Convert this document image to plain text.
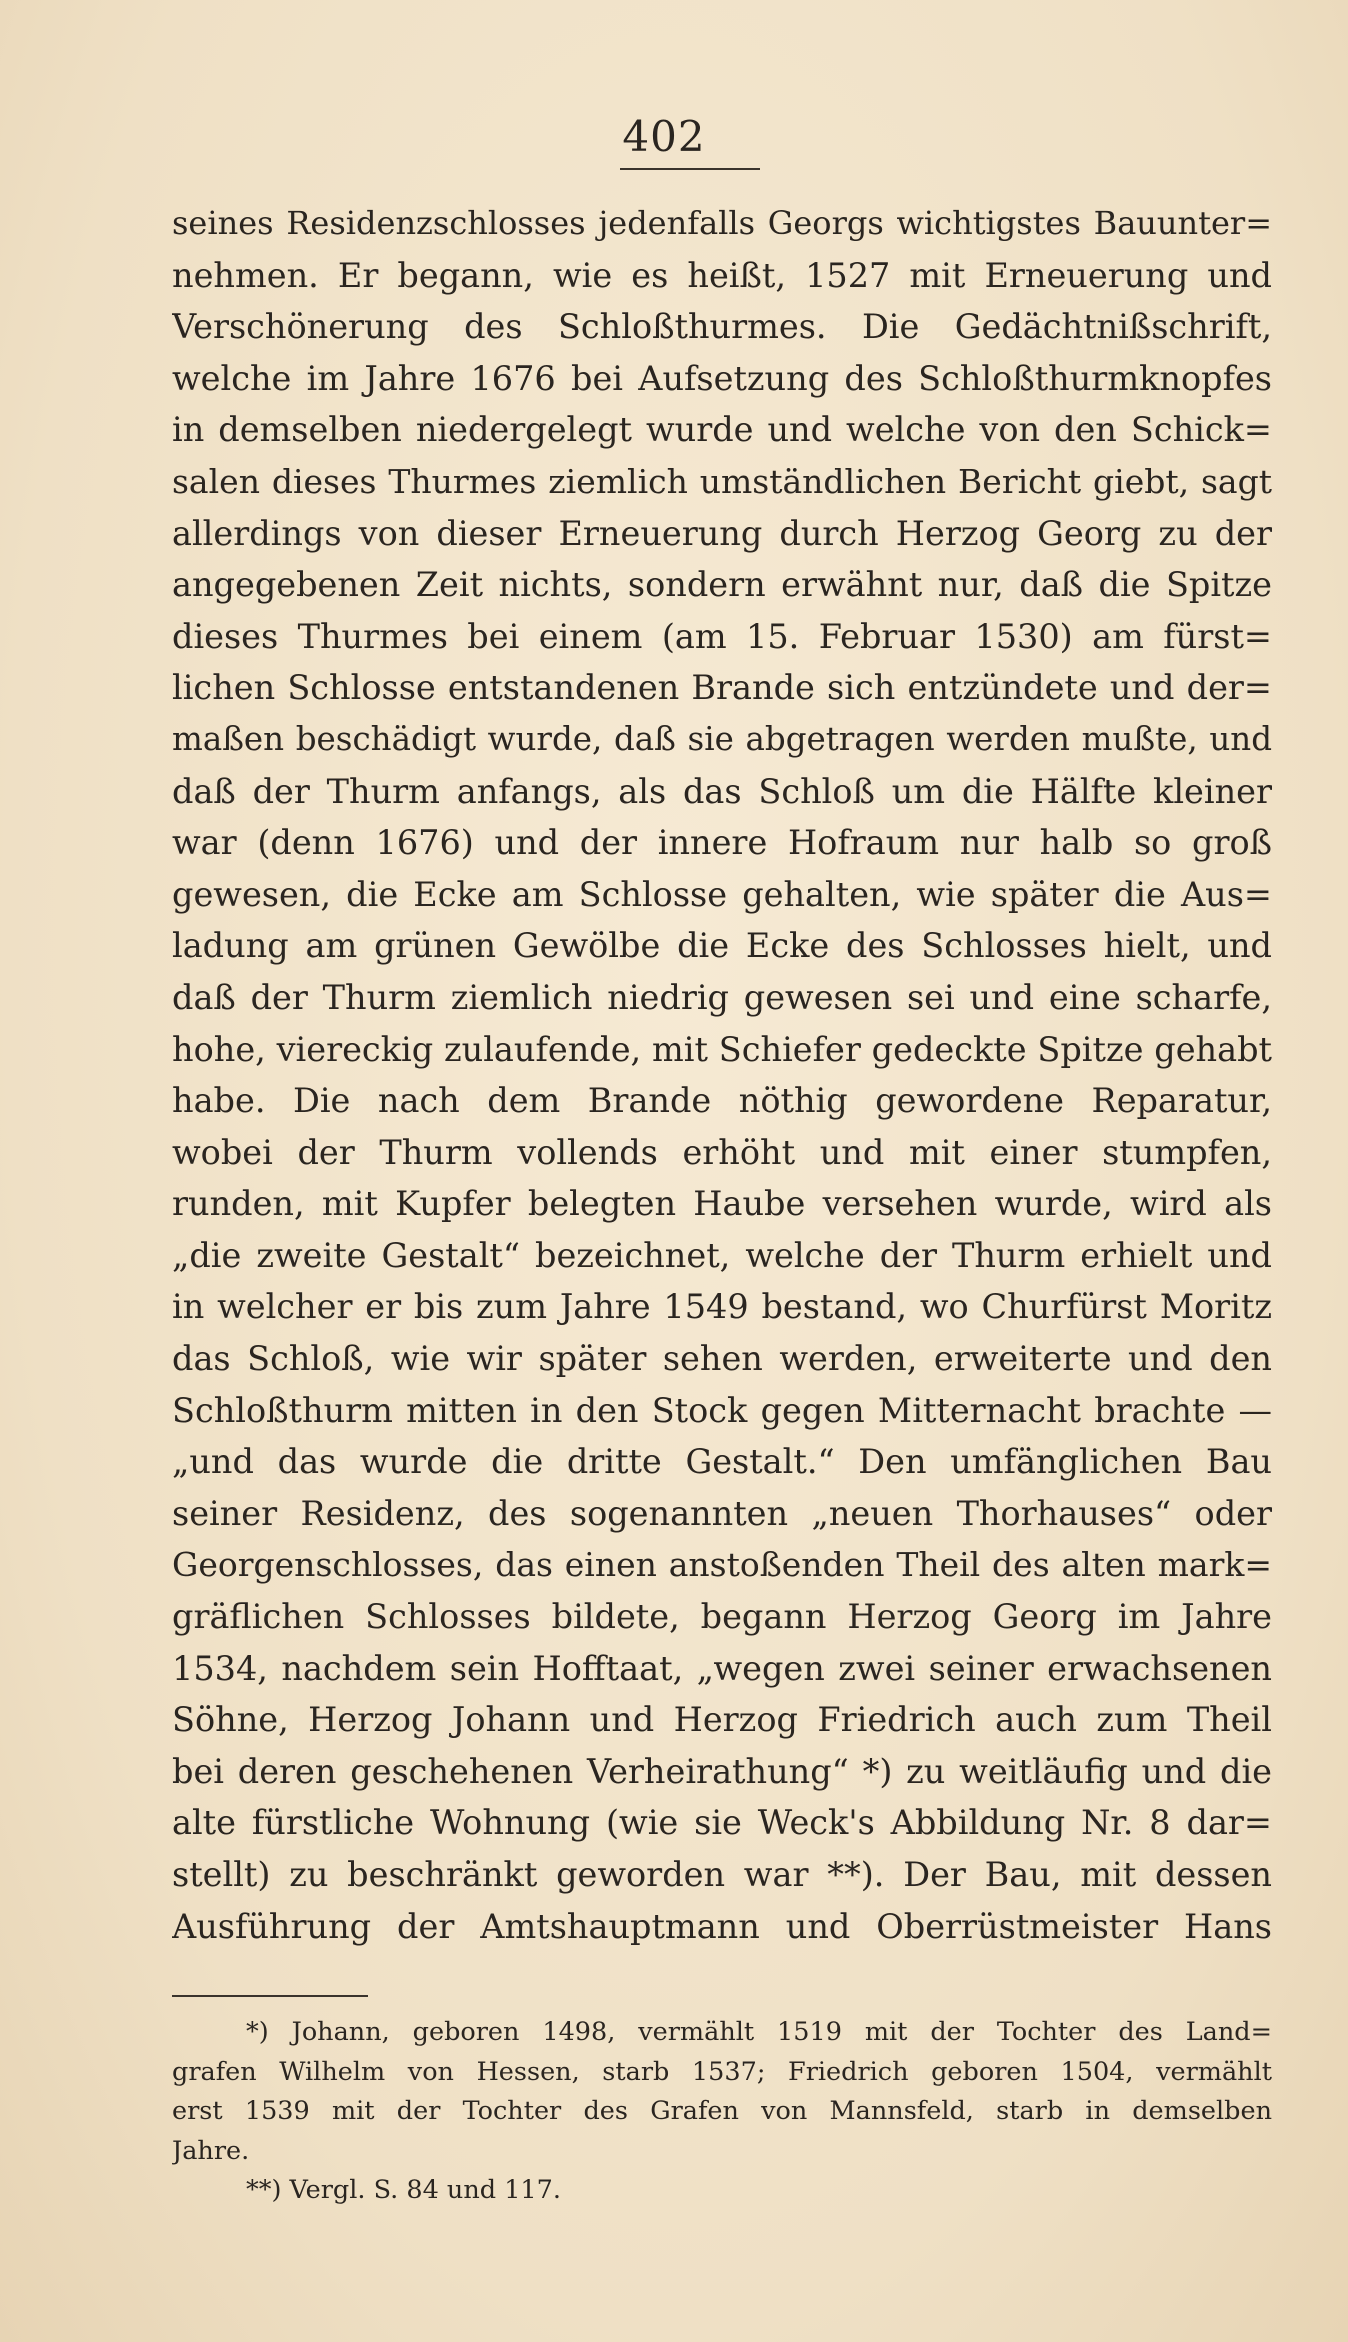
402
seines Residenzschlosses jedenfalls Georgs wichtigstes Bauunter=
nehmen. Er begann, wie es heißt, 1527 mit Erneuerung und
Verschönerung des Schloßthurmes. Die Gedächtnißschrift,
welche im Jahre 1676 bei Aufsetzung des Schloßthurmknopfes
in demselben niedergelegt wurde und welche von den Schick=
salen dieses Thurmes ziemlich umständlichen Bericht giebt, sagt
allerdings von dieser Erneuerung durch Herzog Georg zu der
angegebenen Zeit nichts, sondern erwähnt nur, daß die Spitze
dieses Thurmes bei einem (am 15. Februar 1530) am fürst=
lichen Schlosse entstandenen Brande sich entzündete und der=
maßen beschädigt wurde, daß sie abgetragen werden mußte, und
daß der Thurm anfangs, als das Schloß um die Hälfte kleiner
war (denn 1676) und der innere Hofraum nur halb so groß
gewesen, die Ecke am Schlosse gehalten, wie später die Aus=
ladung am grünen Gewölbe die Ecke des Schlosses hielt, und
daß der Thurm ziemlich niedrig gewesen sei und eine scharfe,
hohe, viereckig zulaufende, mit Schiefer gedeckte Spitze gehabt
habe. Die nach dem Brande nöthig gewordene Reparatur,
wobei der Thurm vollends erhöht und mit einer stumpfen,
runden, mit Kupfer belegten Haube versehen wurde, wird als
„die zweite Gestalt“ bezeichnet, welche der Thurm erhielt und
in welcher er bis zum Jahre 1549 bestand, wo Churfürst Moritz
das Schloß, wie wir später sehen werden, erweiterte und den
Schloßthurm mitten in den Stock gegen Mitternacht brachte —
„und das wurde die dritte Gestalt.“ Den umfänglichen Bau
seiner Residenz, des sogenannten „neuen Thorhauses“ oder
Georgenschlosses, das einen anstoßenden Theil des alten mark=
gräflichen Schlosses bildete, begann Herzog Georg im Jahre
1534, nachdem sein Hofftaat, „wegen zwei seiner erwachsenen
Söhne, Herzog Johann und Herzog Friedrich auch zum Theil
bei deren geschehenen Verheirathung“ *) zu weitläufig und die
alte fürstliche Wohnung (wie sie Weck's Abbildung Nr. 8 dar=
stellt) zu beschränkt geworden war **). Der Bau, mit dessen
Ausführung der Amtshauptmann und Oberrüstmeister Hans
*) Johann, geboren 1498, vermählt 1519 mit der Tochter des Land=
grafen Wilhelm von Hessen, starb 1537; Friedrich geboren 1504, vermählt
erst 1539 mit der Tochter des Grafen von Mannsfeld, starb in demselben
Jahre.
**) Vergl. S. 84 und 117.
